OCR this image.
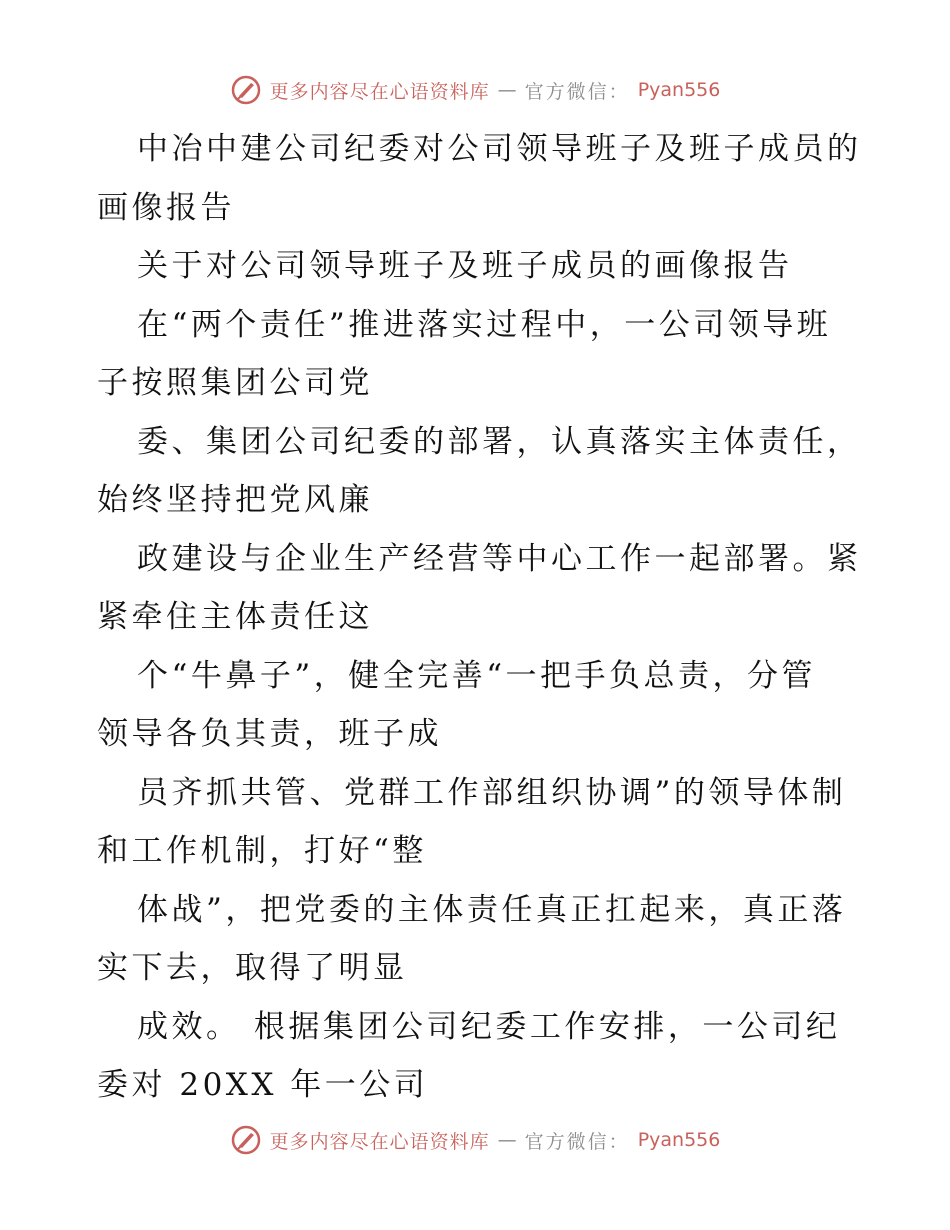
更多内容尽在心语资料库 — 官方微信： Pyan556
中冶中建公司纪委对公司领导班子及班子成员的
画像报告
关于对公司领导班子及班子成员的画像报告
在“两个责任”推进落实过程中，一公司领导班
子按照集团公司党
委、集团公司纪委的部署，认真落实主体责任，
始终坚持把党风廉
政建设与企业生产经营等中心工作一起部署。紧
紧牵住主体责任这
个“牛鼻子”，健全完善“一把手负总责，分管
领导各负其责，班子成
员齐抓共管、党群工作部组织协调”的领导体制
和工作机制，打好“整
体战”，把党委的主体责任真正扛起来，真正落
实下去，取得了明显
成效。 根据集团公司纪委工作安排，一公司纪
委对 20XX 年一公司
更多内容尽在心语资料库 — 官方微信： Pyan556
